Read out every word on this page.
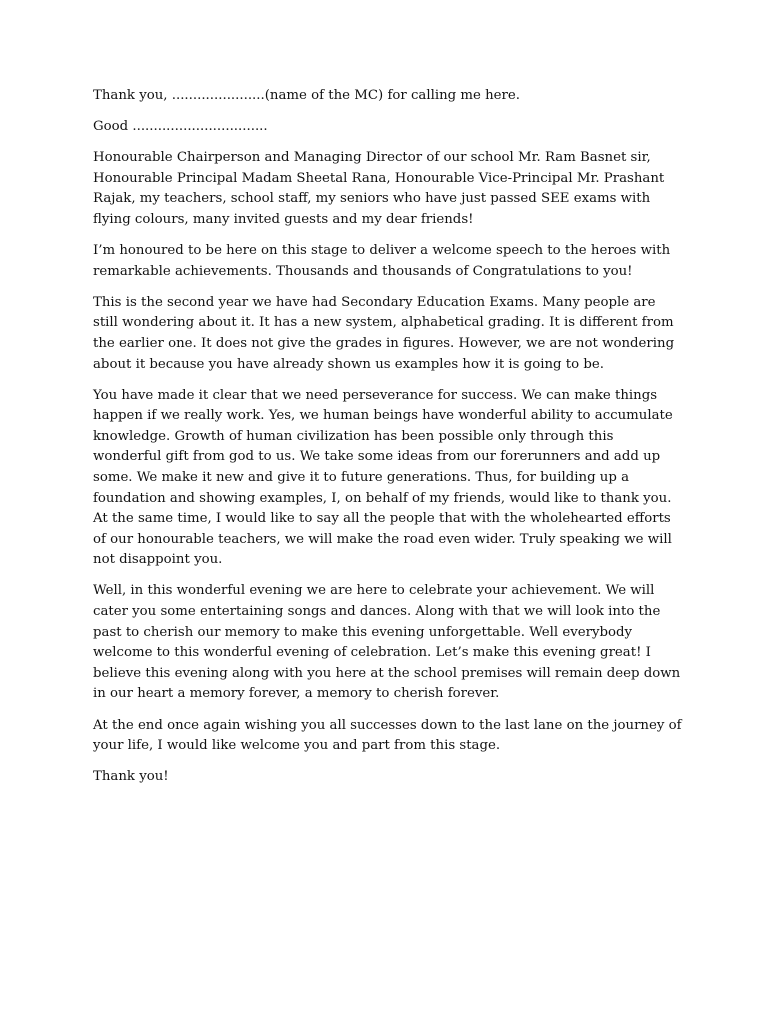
Thank you, ......................(name of the MC) for calling me here.

Good ................................

Honourable Chairperson and Managing Director of our school Mr. Ram Basnet sir, Honourable Principal Madam Sheetal Rana, Honourable Vice-Principal Mr. Prashant Rajak, my teachers, school staff, my seniors who have just passed SEE exams with flying colours, many invited guests and my dear friends!

I’m honoured to be here on this stage to deliver a welcome speech to the heroes with remarkable achievements. Thousands and thousands of Congratulations to you!

This is the second year we have had Secondary Education Exams. Many people are still wondering about it. It has a new system, alphabetical grading. It is different from the earlier one. It does not give the grades in figures. However, we are not wondering about it because you have already shown us examples how it is going to be.

You have made it clear that we need perseverance for success. We can make things happen if we really work. Yes, we human beings have wonderful ability to accumulate knowledge. Growth of human civilization has been possible only through this wonderful gift from god to us. We take some ideas from our forerunners and add up some. We make it new and give it to future generations. Thus, for building up a foundation and showing examples, I, on behalf of my friends, would like to thank you. At the same time, I would like to say all the people that with the wholehearted efforts of our honourable teachers, we will make the road even wider. Truly speaking we will not disappoint you.

Well, in this wonderful evening we are here to celebrate your achievement. We will cater you some entertaining songs and dances. Along with that we will look into the past to cherish our memory to make this evening unforgettable. Well everybody welcome to this wonderful evening of celebration. Let’s make this evening great! I believe this evening along with you here at the school premises will remain deep down in our heart a memory forever, a memory to cherish forever.

At the end once again wishing you all successes down to the last lane on the journey of your life, I would like welcome you and part from this stage.

Thank you!
